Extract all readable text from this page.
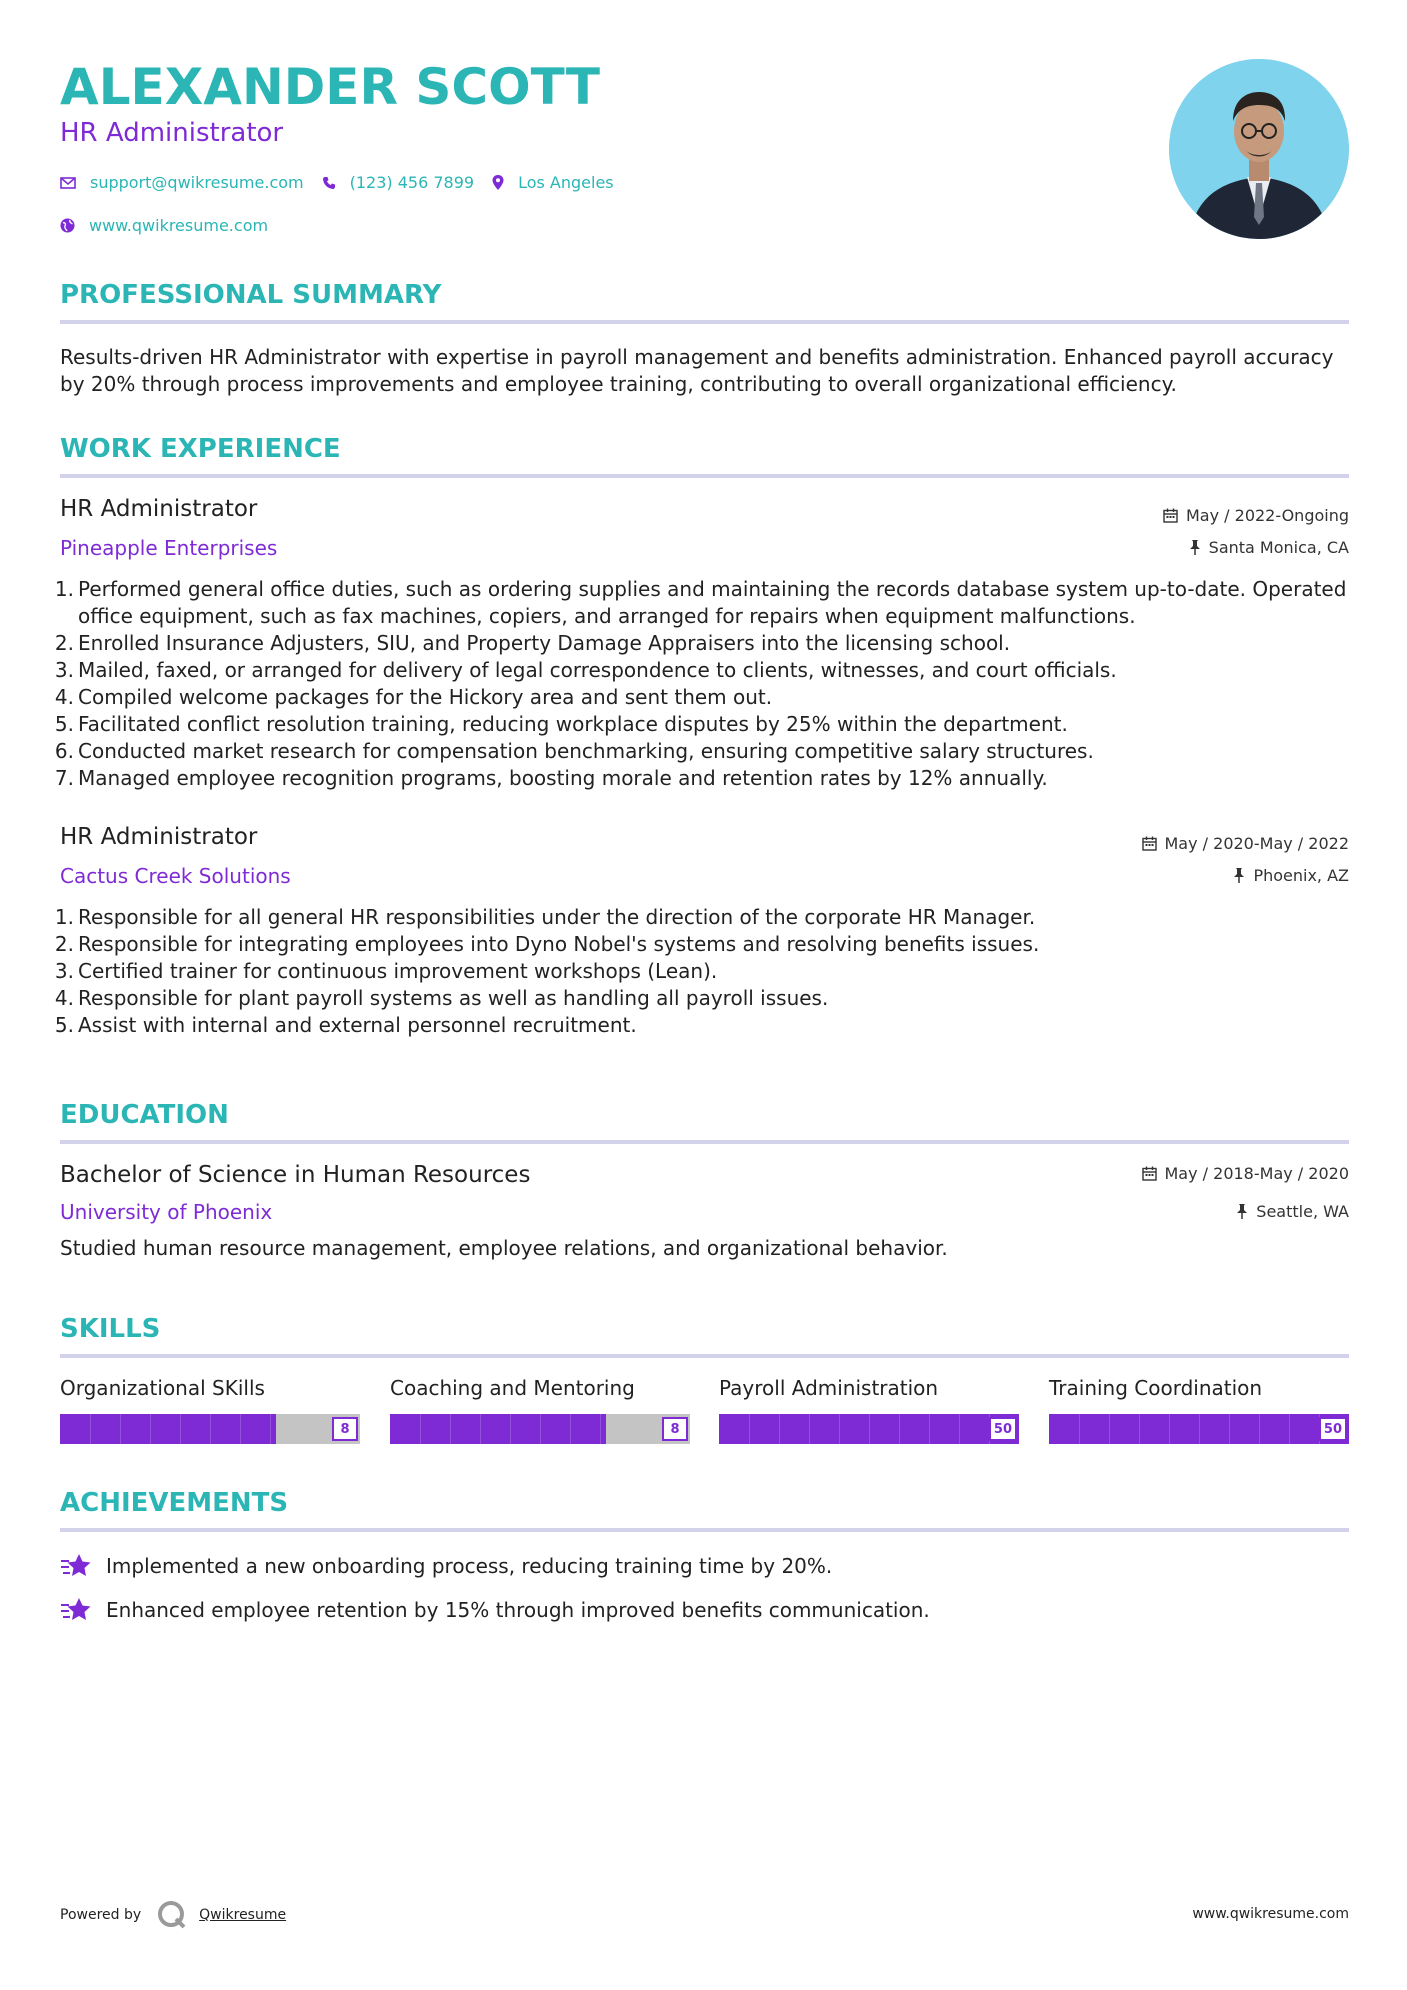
ALEXANDER SCOTT
HR Administrator
support@qwikresume.com	(123) 456 7899	Los Angeles
www.qwikresume.com
PROFESSIONAL SUMMARY
Results-driven HR Administrator with expertise in payroll management and benefits administration. Enhanced payroll accuracy by 20% through process improvements and employee training, contributing to overall organizational efficiency.
WORK EXPERIENCE
HR Administrator	May / 2022-Ongoing
Pineapple Enterprises	Santa Monica, CA
1. Performed general office duties, such as ordering supplies and maintaining the records database system up-to-date. Operated office equipment, such as fax machines, copiers, and arranged for repairs when equipment malfunctions.
2. Enrolled Insurance Adjusters, SIU, and Property Damage Appraisers into the licensing school.
3. Mailed, faxed, or arranged for delivery of legal correspondence to clients, witnesses, and court officials.
4. Compiled welcome packages for the Hickory area and sent them out.
5. Facilitated conflict resolution training, reducing workplace disputes by 25% within the department.
6. Conducted market research for compensation benchmarking, ensuring competitive salary structures.
7. Managed employee recognition programs, boosting morale and retention rates by 12% annually.
HR Administrator	May / 2020-May / 2022
Cactus Creek Solutions	Phoenix, AZ
1. Responsible for all general HR responsibilities under the direction of the corporate HR Manager.
2. Responsible for integrating employees into Dyno Nobel's systems and resolving benefits issues.
3. Certified trainer for continuous improvement workshops (Lean).
4. Responsible for plant payroll systems as well as handling all payroll issues.
5. Assist with internal and external personnel recruitment.
EDUCATION
Bachelor of Science in Human Resources	May / 2018-May / 2020
University of Phoenix	Seattle, WA
Studied human resource management, employee relations, and organizational behavior.
SKILLS
Organizational SKills
8
Coaching and Mentoring
8
Payroll Administration
50
Training Coordination
50
ACHIEVEMENTS
Implemented a new onboarding process, reducing training time by 20%.
Enhanced employee retention by 15% through improved benefits communication.
Powered by	Qwikresume	www.qwikresume.com
